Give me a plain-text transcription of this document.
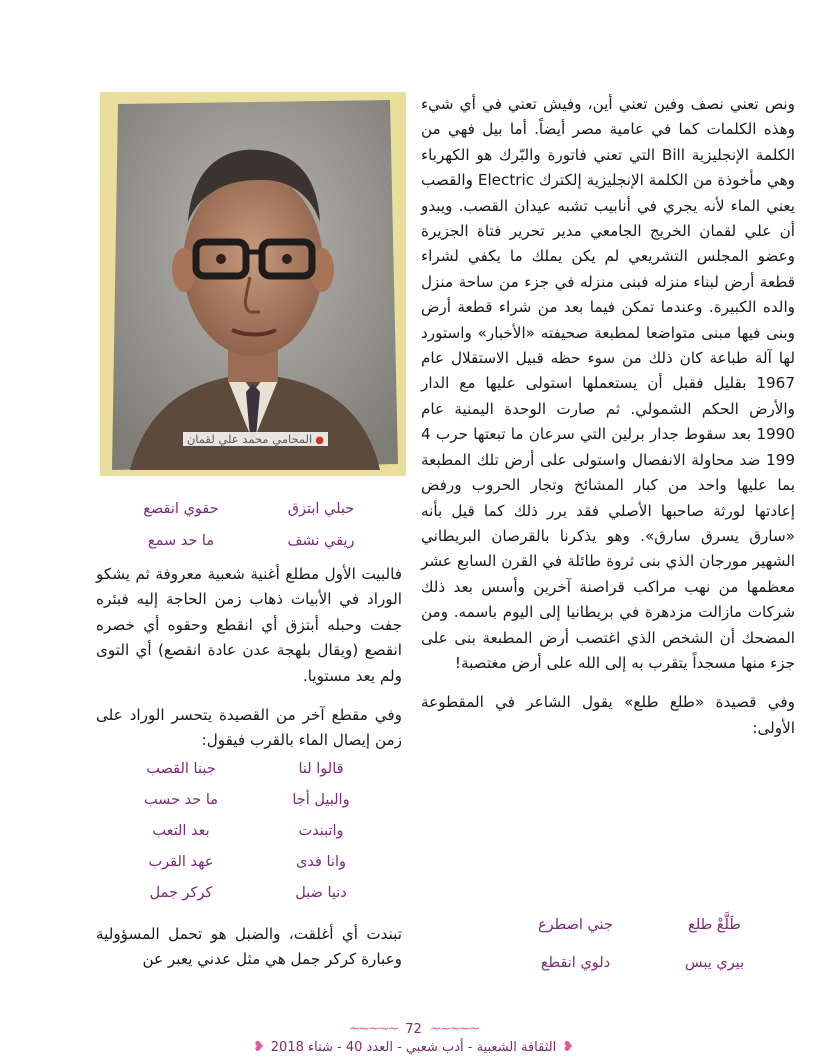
ونص تعني نصف وفين تعني أين، وفيش تعني في أي شيء وهذه الكلمات كما في عامية مصر أيضاً. أما بيل فهي من الكلمة الإنجليزية Bill التي تعني فاتورة والبّرك هو الكهرباء وهي مأخوذة من الكلمة الإنجليزية إلكترك Electric والقصب يعني الماء لأنه يجري في أنابيب تشبه عيدان القصب. ويبدو أن علي لقمان الخريج الجامعي مدير تحرير فتاة الجزيرة وعضو المجلس التشريعي لم يكن يملك ما يكفي لشراء قطعة أرض لبناء منزله فبنى منزله في جزء من ساحة منزل والده الكبيرة. وعندما تمكن فيما بعد من شراء قطعة أرض وبنى فيها مبنى متواضعا لمطبعة صحيفته «الأخبار» واستورد لها آلة طباعة كان ذلك من سوء حظه قبيل الاستقلال عام 1967 بقليل فقبل أن يستعملها استولى عليها مع الدار والأرض الحكم الشمولي. ثم صارت الوحدة اليمنية عام 1990 بعد سقوط جدار برلين التي سرعان ما تبعتها حرب 4 199 ضد محاولة الانفصال واستولى على أرض تلك المطبعة بما عليها واحد من كبار المشائخ وتجار الحروب ورفض إعادتها لورثة صاحبها الأصلي فقد برر ذلك كما قيل بأنه «سارق يسرق سارق». وهو يذكرنا بالقرصان البريطاني الشهير مورجان الذي بنى ثروة طائلة في القرن السابع عشر معظمها من نهب مراكب قراصنة آخرين وأسس بعد ذلك شركات مازالت مزدهرة في بريطانيا إلى اليوم باسمه. ومن المضحك أن الشخص الذي اغتصب أرض المطبعة بنى على جزء منها مسجداً يتقرب به إلى الله على أرض مغتصبة!

وفي قصيدة «طلع طلع» يقول الشاعر في المقطوعة الأولى:

طَلَّعْ طلع
جني اصطرع
بيري يبس
دلوي انقطع
●المحامي محمد علي لقمان
حبلي ابتزق
حقوي انقصع
ريقي نشف
ما حد سمع

فالبيت الأول مطلع أغنية شعبية معروفة ثم يشكو الوراد في الأبيات ذهاب زمن الحاجة إليه فبئره جفت وحبله أبتزق أي انقطع وحقوه أي خصره انقصع (ويقال بلهجة عدن عادة انقصع) أي التوى ولم يعد مستويا.

وفي مقطع آخر من القصيدة يتحسر الوراد على زمن إيصال الماء بالقرب فيقول:

قالوا لنا
جبنا القصب
والبيل أجا
ما حد حسب
واتبندت
بعد التعب
وانا فدى
عهد القرب
دنيا ضبل
كركر جمل

تبندت أي أغلقت، والضبل هو تحمل المسؤولية وعبارة كركر جمل هي مثل عدني يعبر عن

~∽~∽~
72
~∽~∽~
❥
الثقافة الشعبية - أدب شعبي - العدد 40 - شتاء 2018
❥
